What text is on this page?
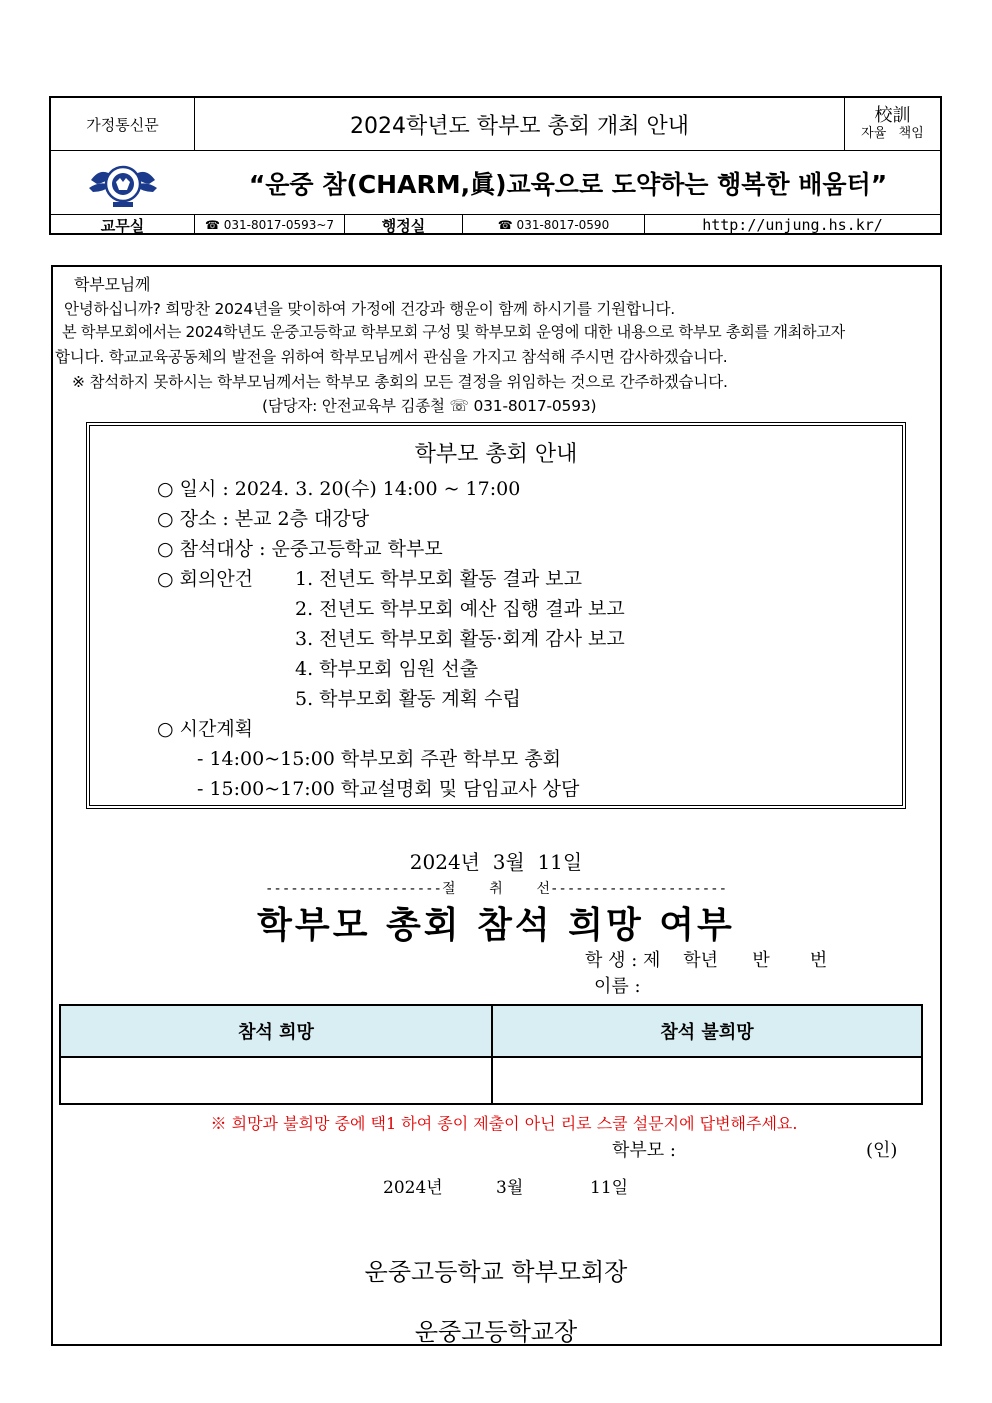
가정통신문	2024학년도 학부모 총회 개최 안내	校訓
자율   책임
“운중 참(CHARM,眞)교육으로 도약하는 행복한 배움터”
교무실	☎ 031-8017-0593~7	행정실	☎ 031-8017-0590	http://unjung.hs.kr/
학부모님께
안녕하십니까? 희망찬 2024년을 맞이하여 가정에 건강과 행운이 함께 하시기를 기원합니다.
본 학부모회에서는 2024학년도 운중고등학교 학부모회 구성 및 학부모회 운영에 대한 내용으로 학부모 총회를 개최하고자
합니다. 학교교육공동체의 발전을 위하여 학부모님께서 관심을 가지고 참석해 주시면 감사하겠습니다.
※ 참석하지 못하시는 학부모님께서는 학부모 총회의 모든 결정을 위임하는 것으로 간주하겠습니다.
(담당자: 안전교육부 김종철 ☏ 031-8017-0593)
학부모 총회 안내
○ 일시 : 2024. 3. 20(수) 14:00 ~ 17:00
○ 장소 : 본교 2층 대강당
○ 참석대상 : 운중고등학교 학부모
○ 회의안건 1. 전년도 학부모회 활동 결과 보고
2. 전년도 학부모회 예산 집행 결과 보고
3. 전년도 학부모회 활동·회계 감사 보고
4. 학부모회 임원 선출
5. 학부모회 활동 계획 수립
○ 시간계획
- 14:00~15:00 학부모회 주관 학부모 총회
- 15:00~17:00 학교설명회 및 담임교사 상담
2024년  3월  11일
---------------------절    취    선---------------------
학부모 총회 참석 희망 여부
학 생 : 제    학년      반       번
이름 :
참석 희망	참석 불희망
※ 희망과 불희망 중에 택1 하여 종이 제출이 아닌 리로 스쿨 설문지에 답변해주세요.
학부모 :	(인)
2024년	3월	11일
운중고등학교 학부모회장
운중고등학교장
